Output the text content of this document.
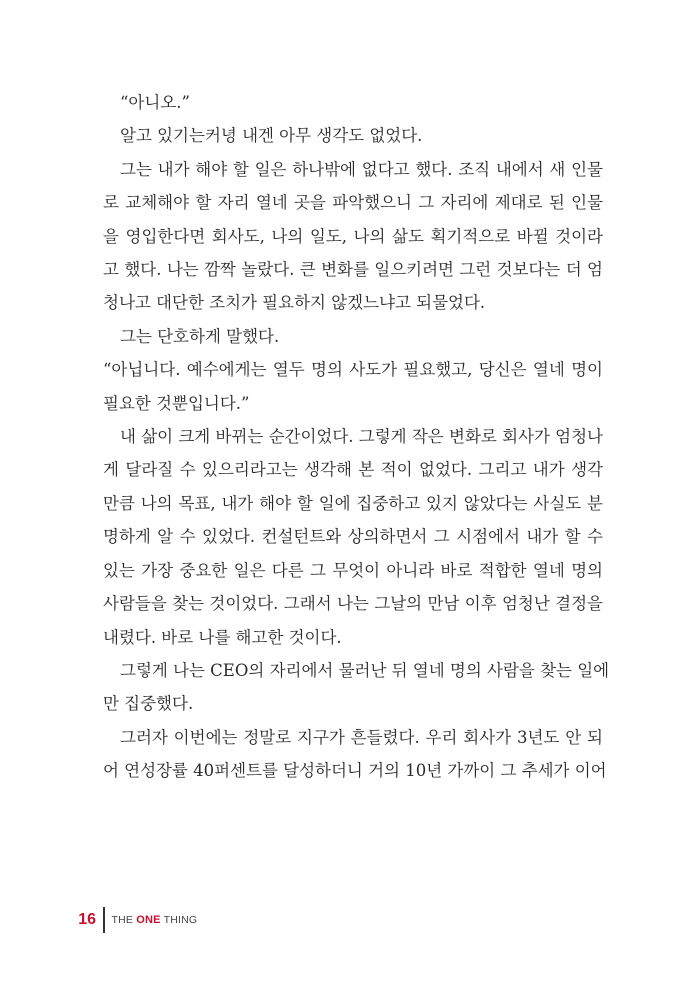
“아니오.”

알고 있기는커녕 내겐 아무 생각도 없었다.

그는 내가 해야 할 일은 하나밖에 없다고 했다. 조직 내에서 새 인물
로 교체해야 할 자리 열네 곳을 파악했으니 그 자리에 제대로 된 인물
을 영입한다면 회사도, 나의 일도, 나의 삶도 획기적으로 바뀔 것이라
고 했다. 나는 깜짝 놀랐다. 큰 변화를 일으키려면 그런 것보다는 더 엄
청나고 대단한 조치가 필요하지 않겠느냐고 되물었다.

그는 단호하게 말했다.

“아닙니다. 예수에게는 열두 명의 사도가 필요했고, 당신은 열네 명이
필요한 것뿐입니다.”

내 삶이 크게 바뀌는 순간이었다. 그렇게 작은 변화로 회사가 엄청나
게 달라질 수 있으리라고는 생각해 본 적이 없었다. 그리고 내가 생각
만큼 나의 목표, 내가 해야 할 일에 집중하고 있지 않았다는 사실도 분
명하게 알 수 있었다. 컨설턴트와 상의하면서 그 시점에서 내가 할 수
있는 가장 중요한 일은 다른 그 무엇이 아니라 바로 적합한 열네 명의
사람들을 찾는 것이었다. 그래서 나는 그날의 만남 이후 엄청난 결정을
내렸다. 바로 나를 해고한 것이다.

그렇게 나는 CEO의 자리에서 물러난 뒤 열네 명의 사람을 찾는 일에
만 집중했다.

그러자 이번에는 정말로 지구가 흔들렸다. 우리 회사가 3년도 안 되
어 연성장률 40퍼센트를 달성하더니 거의 10년 가까이 그 추세가 이어

16 THE ONE THING
